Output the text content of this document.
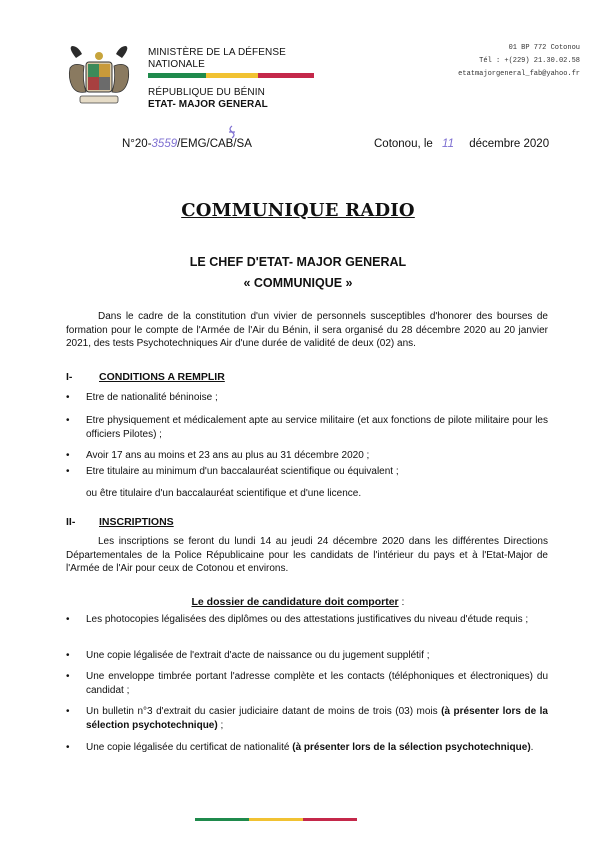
MINISTÈRE DE LA DÉFENSE
NATIONALE
RÉPUBLIQUE DU BÉNIN
ETAT- MAJOR GENERAL
01 BP 772 Cotonou
Tél : +(229) 21.30.02.58
etatmajorgeneral_fab@yahoo.fr
N°20-3559/EMG/CAB/SA	Cotonou, le 11 décembre 2020
COMMUNIQUE RADIO
LE CHEF D'ETAT- MAJOR GENERAL
« COMMUNIQUE »
Dans le cadre de la constitution d'un vivier de personnels susceptibles d'honorer des bourses de formation pour le compte de l'Armée de l'Air du Bénin, il sera organisé du 28 décembre 2020 au 20 janvier 2021, des tests Psychotechniques Air d'une durée de validité de deux (02) ans.
I-	CONDITIONS A REMPLIR
• Etre de nationalité béninoise ;
• Etre physiquement et médicalement apte au service militaire (et aux fonctions de pilote militaire pour les officiers Pilotes) ;
• Avoir 17 ans au moins et 23 ans au plus au 31 décembre 2020 ;
• Etre titulaire au minimum d'un baccalauréat scientifique ou équivalent ;
ou être titulaire d'un baccalauréat scientifique et d'une licence.
II- INSCRIPTIONS
Les inscriptions se feront du lundi 14 au jeudi 24 décembre 2020 dans les différentes Directions Départementales de la Police Républicaine pour les candidats de l'intérieur du pays et à l'Etat-Major de l'Armée de l'Air pour ceux de Cotonou et environs.
Le dossier de candidature doit comporter :
• Les photocopies légalisées des diplômes ou des attestations justificatives du niveau d'étude requis ;
• Une copie légalisée de l'extrait d'acte de naissance ou du jugement supplétif ;
• Une enveloppe timbrée portant l'adresse complète et les contacts (téléphoniques et électroniques) du candidat ;
• Un bulletin n°3 d'extrait du casier judiciaire datant de moins de trois (03) mois (à présenter lors de la sélection psychotechnique) ;
• Une copie légalisée du certificat de nationalité (à présenter lors de la sélection psychotechnique).
